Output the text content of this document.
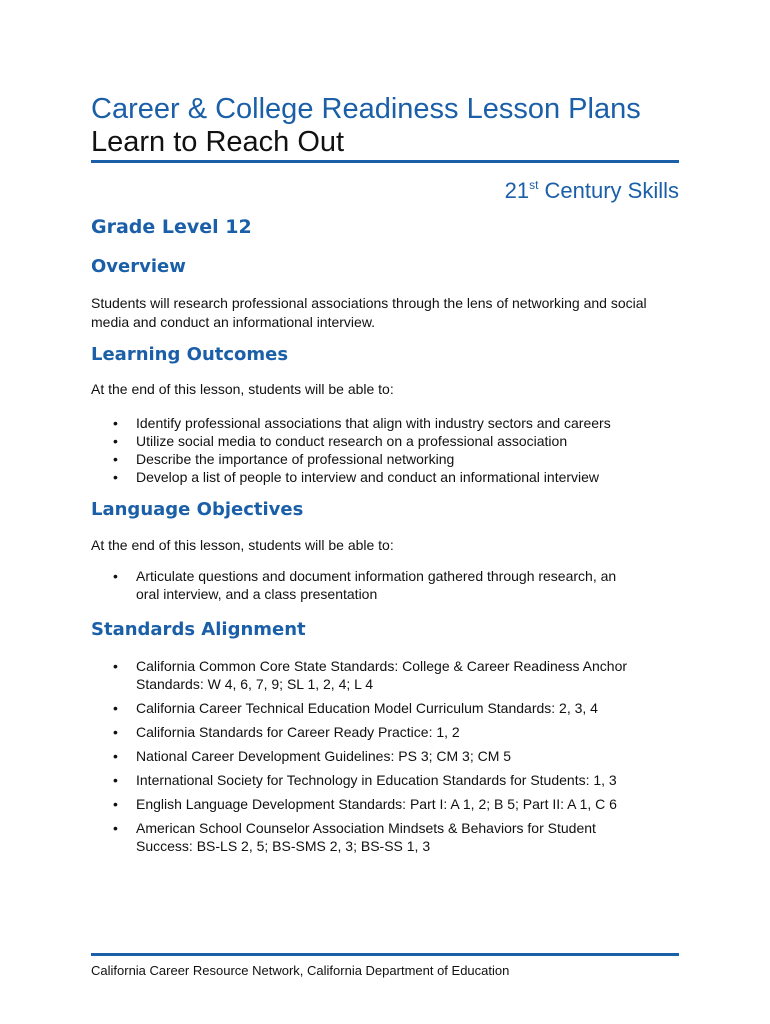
Career & College Readiness Lesson Plans
Learn to Reach Out
21st Century Skills
Grade Level 12
Overview

Students will research professional associations through the lens of networking and social media and conduct an informational interview.

Learning Outcomes

At the end of this lesson, students will be able to:

• Identify professional associations that align with industry sectors and careers
• Utilize social media to conduct research on a professional association
• Describe the importance of professional networking
• Develop a list of people to interview and conduct an informational interview
Language Objectives

At the end of this lesson, students will be able to:

• Articulate questions and document information gathered through research, an oral interview, and a class presentation
Standards Alignment
• California Common Core State Standards: College & Career Readiness Anchor Standards: W 4, 6, 7, 9; SL 1, 2, 4; L 4
• California Career Technical Education Model Curriculum Standards: 2, 3, 4
• California Standards for Career Ready Practice: 1, 2
• National Career Development Guidelines: PS 3; CM 3; CM 5
• International Society for Technology in Education Standards for Students: 1, 3
• English Language Development Standards: Part I: A 1, 2; B 5; Part II: A 1, C 6
• American School Counselor Association Mindsets & Behaviors for Student Success: BS-LS 2, 5; BS-SMS 2, 3; BS-SS 1, 3
California Career Resource Network, California Department of Education
